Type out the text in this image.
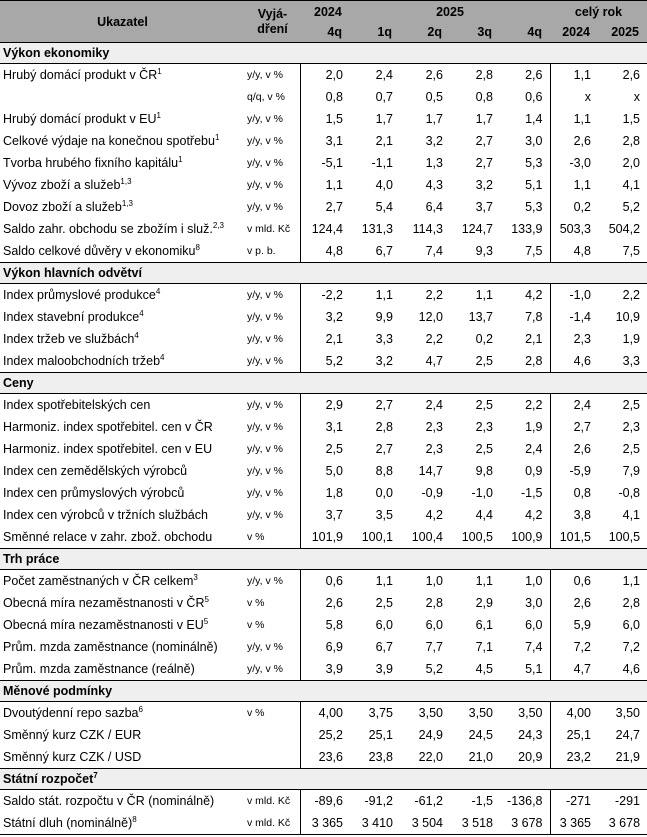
Ukazatel	Vyjá-
dření	2024	2025				celý rok	
		4q	1q	2q	3q	4q	2024	2025
Výkon ekonomiky								
Hrubý domácí produkt v $ČR^1$	y/y, v %	2,0	2,4	2,6	2,8	2,6	1,1	2,6
	q/q, v %	0,8	0,7	0,5	0,8	0,6	x	x
Hrubý domácí produkt v $EU^1$	y/y, v %	1,5	1,7	1,7	1,7	1,4	1,1	1,5
Celkové výdaje na konečnou spotřebu$^1$	y/y, v %	3,1	2,1	3,2	2,7	3,0	2,6	2,8
Tvorba hrubého fixního kapitálu$^1$	y/y, v %	-5,1	-1,1	1,3	2,7	5,3	-3,0	2,0
Vývoz zboží a služeb$^{1,3}$	y/y, v %	1,1	4,0	4,3	3,2	5,1	1,1	4,1
Dovoz zboží a služeb$^{1,3}$	y/y, v %	2,7	5,4	6,4	3,7	5,3	0,2	5,2
Saldo zahr. obchodu se zbožím i služ.$^{2,3}$	v mld. Kč	124,4	131,3	114,3	124,7	133,9	503,3	504,2
Saldo celkové důvěry v ekonomiku$^8$	v p. b.	4,8	6,7	7,4	9,3	7,5	4,8	7,5
Výkon hlavních odvětví								
Index průmyslové produkce$^4$	y/y, v %	-2,2	1,1	2,2	1,1	4,2	-1,0	2,2
Index stavební produkce$^4$	y/y, v %	3,2	9,9	12,0	13,7	7,8	-1,4	10,9
Index tržeb ve službách$^4$	y/y, v %	2,1	3,3	2,2	0,2	2,1	2,3	1,9
Index maloobchodních tržeb$^4$	y/y, v %	5,2	3,2	4,7	2,5	2,8	4,6	3,3
Ceny								
Index spotřebitelských cen	y/y, v %	2,9	2,7	2,4	2,5	2,2	2,4	2,5
Harmoniz. index spotřebitel. cen v ČR	y/y, v %	3,1	2,8	2,3	2,3	1,9	2,7	2,3
Harmoniz. index spotřebitel. cen v EU	y/y, v %	2,5	2,7	2,3	2,5	2,4	2,6	2,5
Index cen zemědělských výrobců	y/y, v %	5,0	8,8	14,7	9,8	0,9	-5,9	7,9
Index cen průmyslových výrobců	y/y, v %	1,8	0,0	-0,9	-1,0	-1,5	0,8	-0,8
Index cen výrobců v tržních službách	y/y, v %	3,7	3,5	4,2	4,4	4,2	3,8	4,1
Směnné relace v zahr. zbož. obchodu	v %	101,9	100,1	100,4	100,5	100,9	101,5	100,5
Trh práce								
Počet zaměstnaných v ČR celkem$^3$	y/y, v %	0,6	1,1	1,0	1,1	1,0	0,6	1,1
Obecná míra nezaměstnanosti v $ČR^5$	v %	2,6	2,5	2,8	2,9	3,0	2,6	2,8
Obecná míra nezaměstnanosti v $EU^5$	v %	5,8	6,0	6,0	6,1	6,0	5,9	6,0
Prům. mzda zaměstnance (nominálně)	y/y, v %	6,9	6,7	7,7	7,1	7,4	7,2	7,2
Prům. mzda zaměstnance (reálně)	y/y, v %	3,9	3,9	5,2	4,5	5,1	4,7	4,6
Měnové podmínky								
Dvoutýdenní repo sazba$^6$	v %	4,00	3,75	3,50	3,50	3,50	4,00	3,50
Směnný kurz CZK / EUR		25,2	25,1	24,9	24,5	24,3	25,1	24,7
Směnný kurz CZK / USD		23,6	23,8	22,0	21,0	20,9	23,2	21,9
Státní rozpočet$^7$
Saldo stát. rozpočtu v ČR (nominálně)	v mld. Kč	-89,6	-91,2	-61,2	-1,5	-136,8	-271	-291
Státní dluh (nominálně)$^8$	v mld. Kč	3 365	3 410	3 504	3 518	3 678	3 365	3 678
